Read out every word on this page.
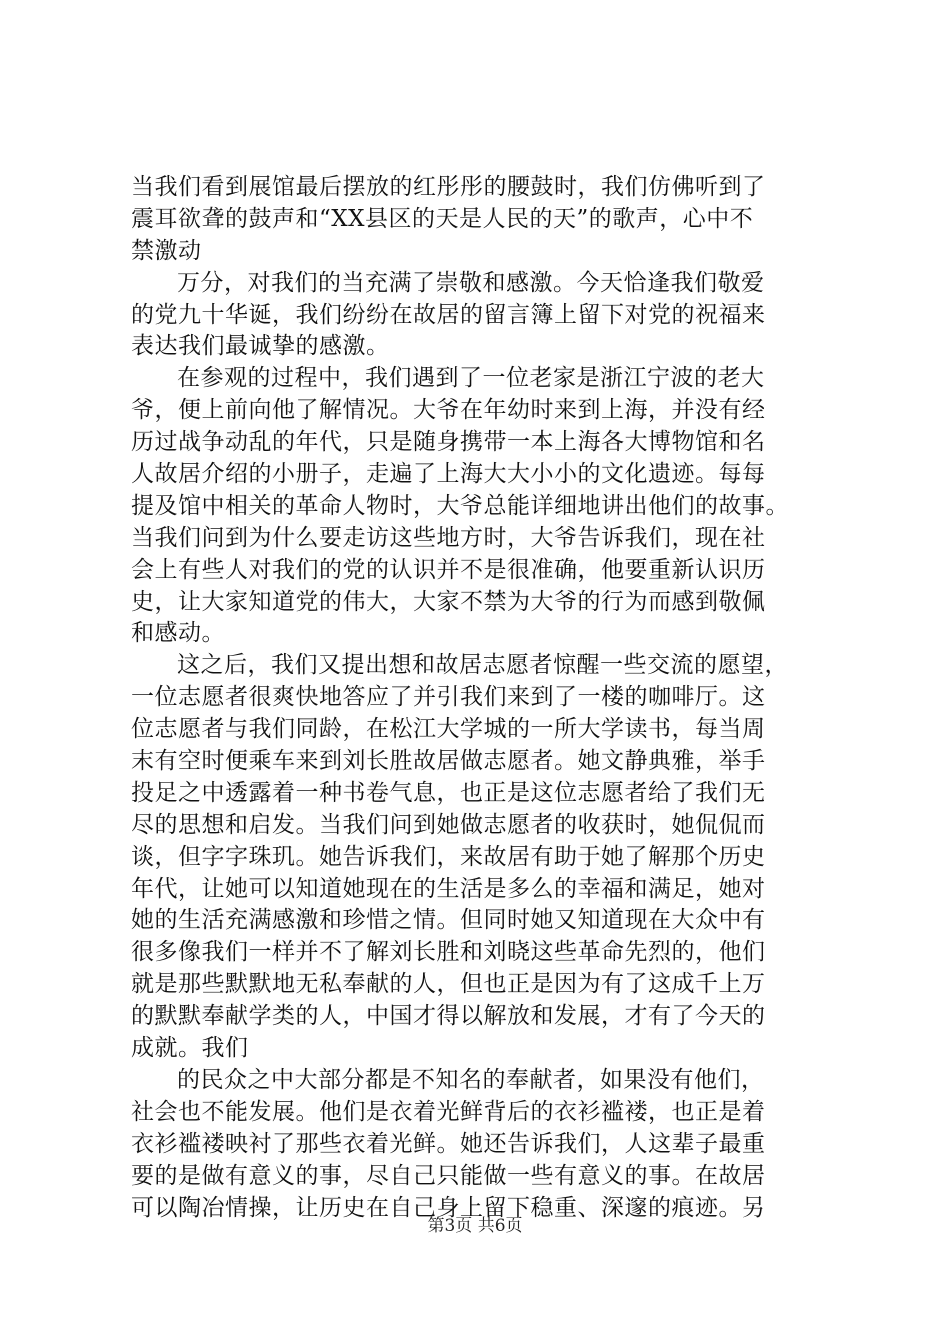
当我们看到展馆最后摆放的红彤彤的腰鼓时，我们仿佛听到了
震耳欲聋的鼓声和“XX县区的天是人民的天”的歌声，心中不
禁激动
万分，对我们的当充满了崇敬和感激。今天恰逢我们敬爱
的党九十华诞，我们纷纷在故居的留言簿上留下对党的祝福来
表达我们最诚挚的感激。
在参观的过程中，我们遇到了一位老家是浙江宁波的老大
爷，便上前向他了解情况。大爷在年幼时来到上海，并没有经
历过战争动乱的年代，只是随身携带一本上海各大博物馆和名
人故居介绍的小册子，走遍了上海大大小小的文化遗迹。每每
提及馆中相关的革命人物时，大爷总能详细地讲出他们的故事。
当我们问到为什么要走访这些地方时，大爷告诉我们，现在社
会上有些人对我们的党的认识并不是很准确，他要重新认识历
史，让大家知道党的伟大，大家不禁为大爷的行为而感到敬佩
和感动。
这之后，我们又提出想和故居志愿者惊醒一些交流的愿望，
一位志愿者很爽快地答应了并引我们来到了一楼的咖啡厅。这
位志愿者与我们同龄，在松江大学城的一所大学读书，每当周
末有空时便乘车来到刘长胜故居做志愿者。她文静典雅，举手
投足之中透露着一种书卷气息，也正是这位志愿者给了我们无
尽的思想和启发。当我们问到她做志愿者的收获时，她侃侃而
谈，但字字珠玑。她告诉我们，来故居有助于她了解那个历史
年代，让她可以知道她现在的生活是多么的幸福和满足，她对
她的生活充满感激和珍惜之情。但同时她又知道现在大众中有
很多像我们一样并不了解刘长胜和刘晓这些革命先烈的，他们
就是那些默默地无私奉献的人，但也正是因为有了这成千上万
的默默奉献学类的人，中国才得以解放和发展，才有了今天的
成就。我们
的民众之中大部分都是不知名的奉献者，如果没有他们，
社会也不能发展。他们是衣着光鲜背后的衣衫褴褛，也正是着
衣衫褴褛映衬了那些衣着光鲜。她还告诉我们，人这辈子最重
要的是做有意义的事，尽自己只能做一些有意义的事。在故居
可以陶冶情操，让历史在自己身上留下稳重、深邃的痕迹。另
第3页 共6页
